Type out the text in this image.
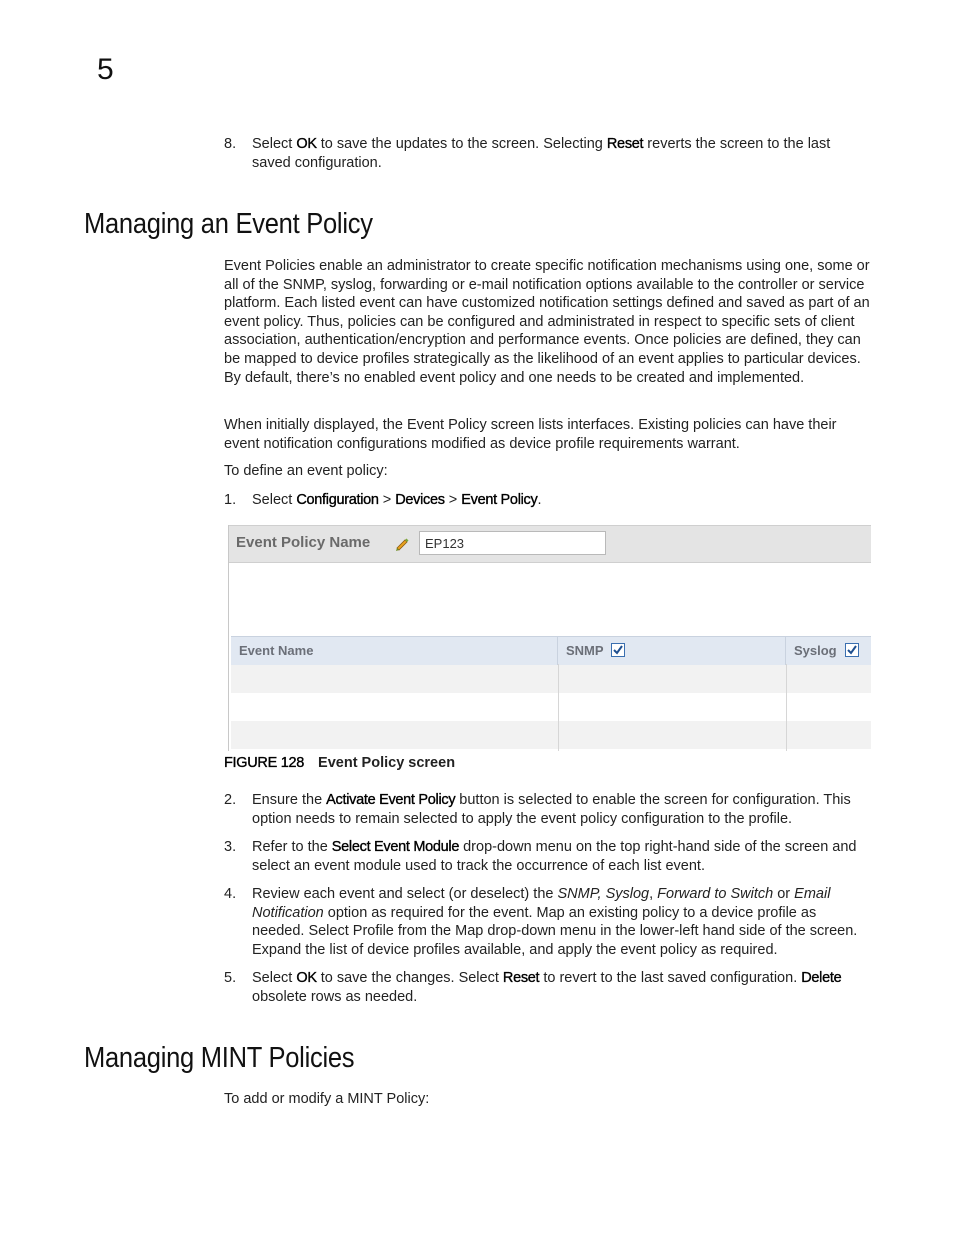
5
8. Select OK to save the updates to the screen. Selecting Reset reverts the screen to the last saved configuration.
Managing an Event Policy

Event Policies enable an administrator to create specific notification mechanisms using one, some or all of the SNMP, syslog, forwarding or e-mail notification options available to the controller or service platform. Each listed event can have customized notification settings defined and saved as part of an event policy. Thus, policies can be configured and administrated in respect to specific sets of client association, authentication/encryption and performance events. Once policies are defined, they can be mapped to device profiles strategically as the likelihood of an event applies to particular devices. By default, there’s no enabled event policy and one needs to be created and implemented.

When initially displayed, the Event Policy screen lists interfaces. Existing policies can have their event notification configurations modified as device profile requirements warrant.

To define an event policy:

1. Select Configuration > Devices > Event Policy.
Event Policy Name	EP123
Event Name	SNMP	Syslog
FIGURE 128 Event Policy screen
2. Ensure the Activate Event Policy button is selected to enable the screen for configuration. This option needs to remain selected to apply the event policy configuration to the profile.
3. Refer to the Select Event Module drop-down menu on the top right-hand side of the screen and select an event module used to track the occurrence of each list event.
4. Review each event and select (or deselect) the SNMP, Syslog, Forward to Switch or Email Notification option as required for the event. Map an existing policy to a device profile as needed. Select Profile from the Map drop-down menu in the lower-left hand side of the screen. Expand the list of device profiles available, and apply the event policy as required.
5. Select OK to save the changes. Select Reset to revert to the last saved configuration. Delete obsolete rows as needed.
Managing MINT Policies

To add or modify a MINT Policy:
